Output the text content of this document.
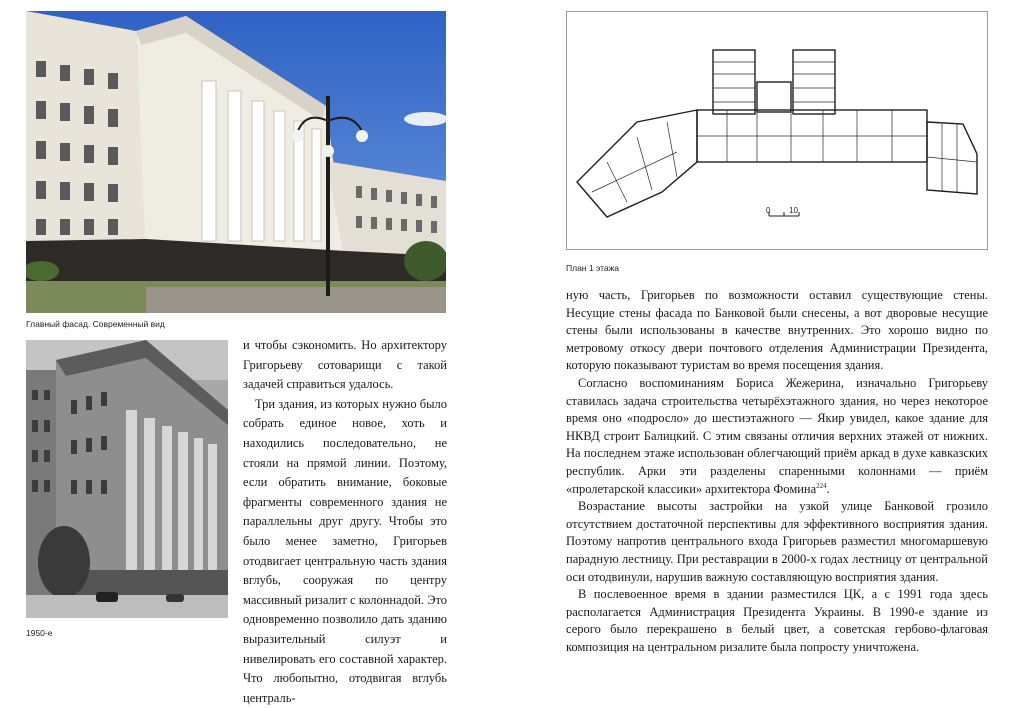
Главный фасад. Современный вид
1950-е

и чтобы сэкономить. Но архитектору Григорьеву сотоварищи с такой задачей справиться удалось.

Три здания, из которых нужно было собрать единое новое, хоть и находились последовательно, не стояли на прямой линии. Поэтому, если обратить внимание, боковые фрагменты современного здания не параллельны друг другу. Чтобы это было менее заметно, Григорьев отодвигает центральную часть здания вглубь, сооружая по центру массивный ризалит с колоннадой. Это одновременно позволило дать зданию выразительный силуэт и нивелировать его составной характер. Что любопытно, отодвигая вглубь централь-

0 10
План 1 этажа

ную часть, Григорьев по возможности оставил существующие стены. Несущие стены фасада по Банковой были снесены, а вот дворовые несущие стены были использованы в качестве внутренних. Это хорошо видно по метровому откосу двери почтового отделения Администрации Президента, которую показывают туристам во время посещения здания.

Согласно воспоминаниям Бориса Жежерина, изначально Григорьеву ставилась задача строительства четырёхэтажного здания, но через некоторое время оно «подросло» до шестиэтажного — Якир увидел, какое здание для НКВД строит Балицкий. С этим связаны отличия верхних этажей от нижних. На последнем этаже использован облегчающий приём аркад в духе кавказских республик. Арки эти разделены спаренными колоннами — приём «пролетарской классики» архитектора Фомина$^{224}$.

Возрастание высоты застройки на узкой улице Банковой грозило отсутствием достаточной перспективы для эффективного восприятия здания. Поэтому напротив центрального входа Григорьев разместил многомаршевую парадную лестницу. При реставрации в 2000-х годах лестницу от центральной оси отодвинули, нарушив важную составляющую восприятия здания.

В послевоенное время в здании разместился ЦК, а с 1991 года здесь располагается Администрация Президента Украины. В 1990-е здание из серого было перекрашено в белый цвет, а советская гербово-флаговая композиция на центральном ризалите была попросту уничтожена.
